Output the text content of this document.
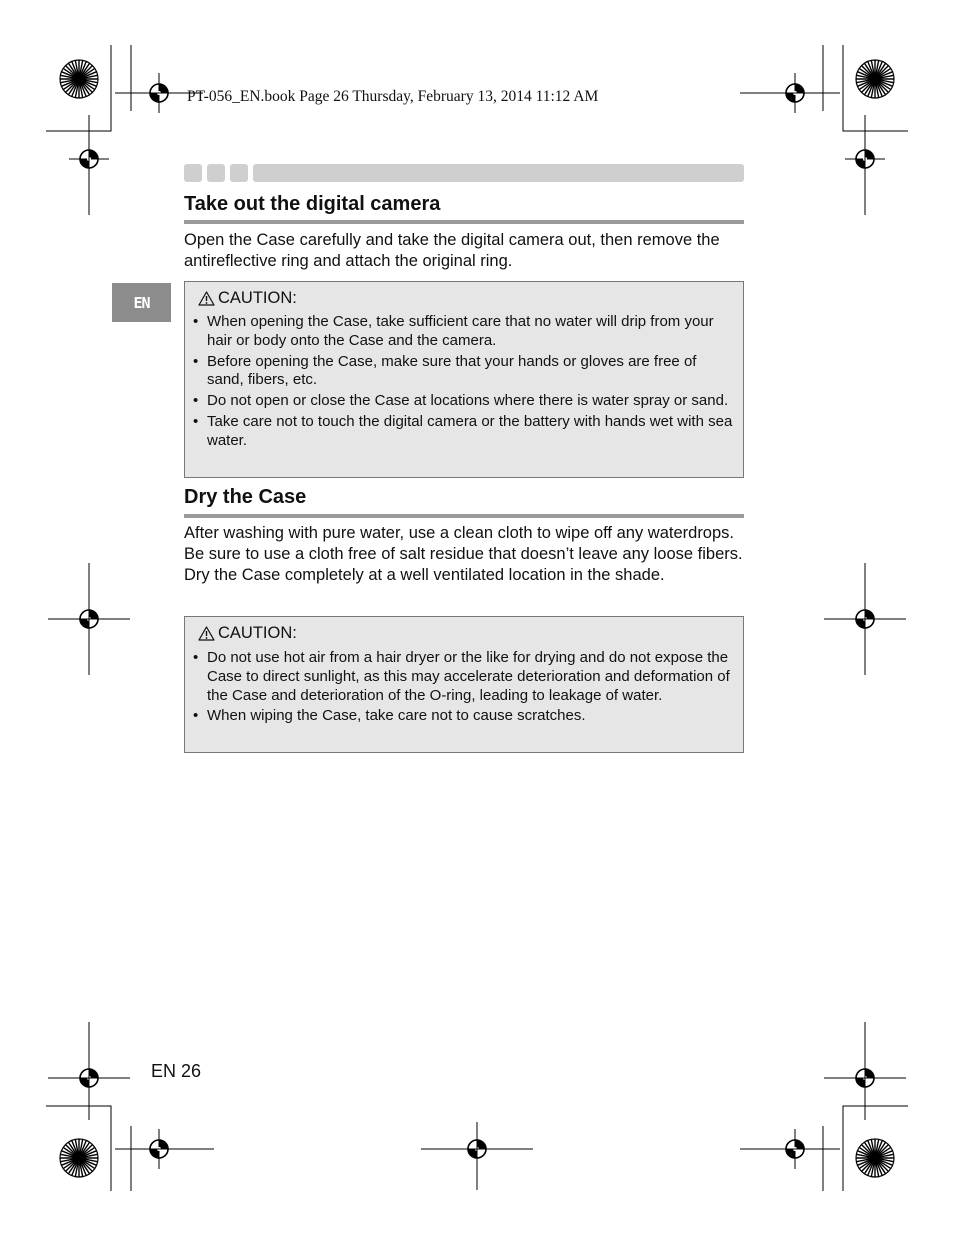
PT-056_EN.book Page 26 Thursday, February 13, 2014 11:12 AM
EN
Take out the digital camera
Open the Case carefully and take the digital camera out, then remove the antireflective ring and attach the original ring.
CAUTION:
• When opening the Case, take sufficient care that no water will drip from your hair or body onto the Case and the camera.
• Before opening the Case, make sure that your hands or gloves are free of sand, fibers, etc.
• Do not open or close the Case at locations where there is water spray or sand.
• Take care not to touch the digital camera or the battery with hands wet with sea water.
Dry the Case
After washing with pure water, use a clean cloth to wipe off any waterdrops. Be sure to use a cloth free of salt residue that doesn’t leave any loose fibers. Dry the Case completely at a well ventilated location in the shade.
CAUTION:
• Do not use hot air from a hair dryer or the like for drying and do not expose the Case to direct sunlight, as this may accelerate deterioration and deformation of the Case and deterioration of the O-ring, leading to leakage of water.
• When wiping the Case, take care not to cause scratches.
EN 26
